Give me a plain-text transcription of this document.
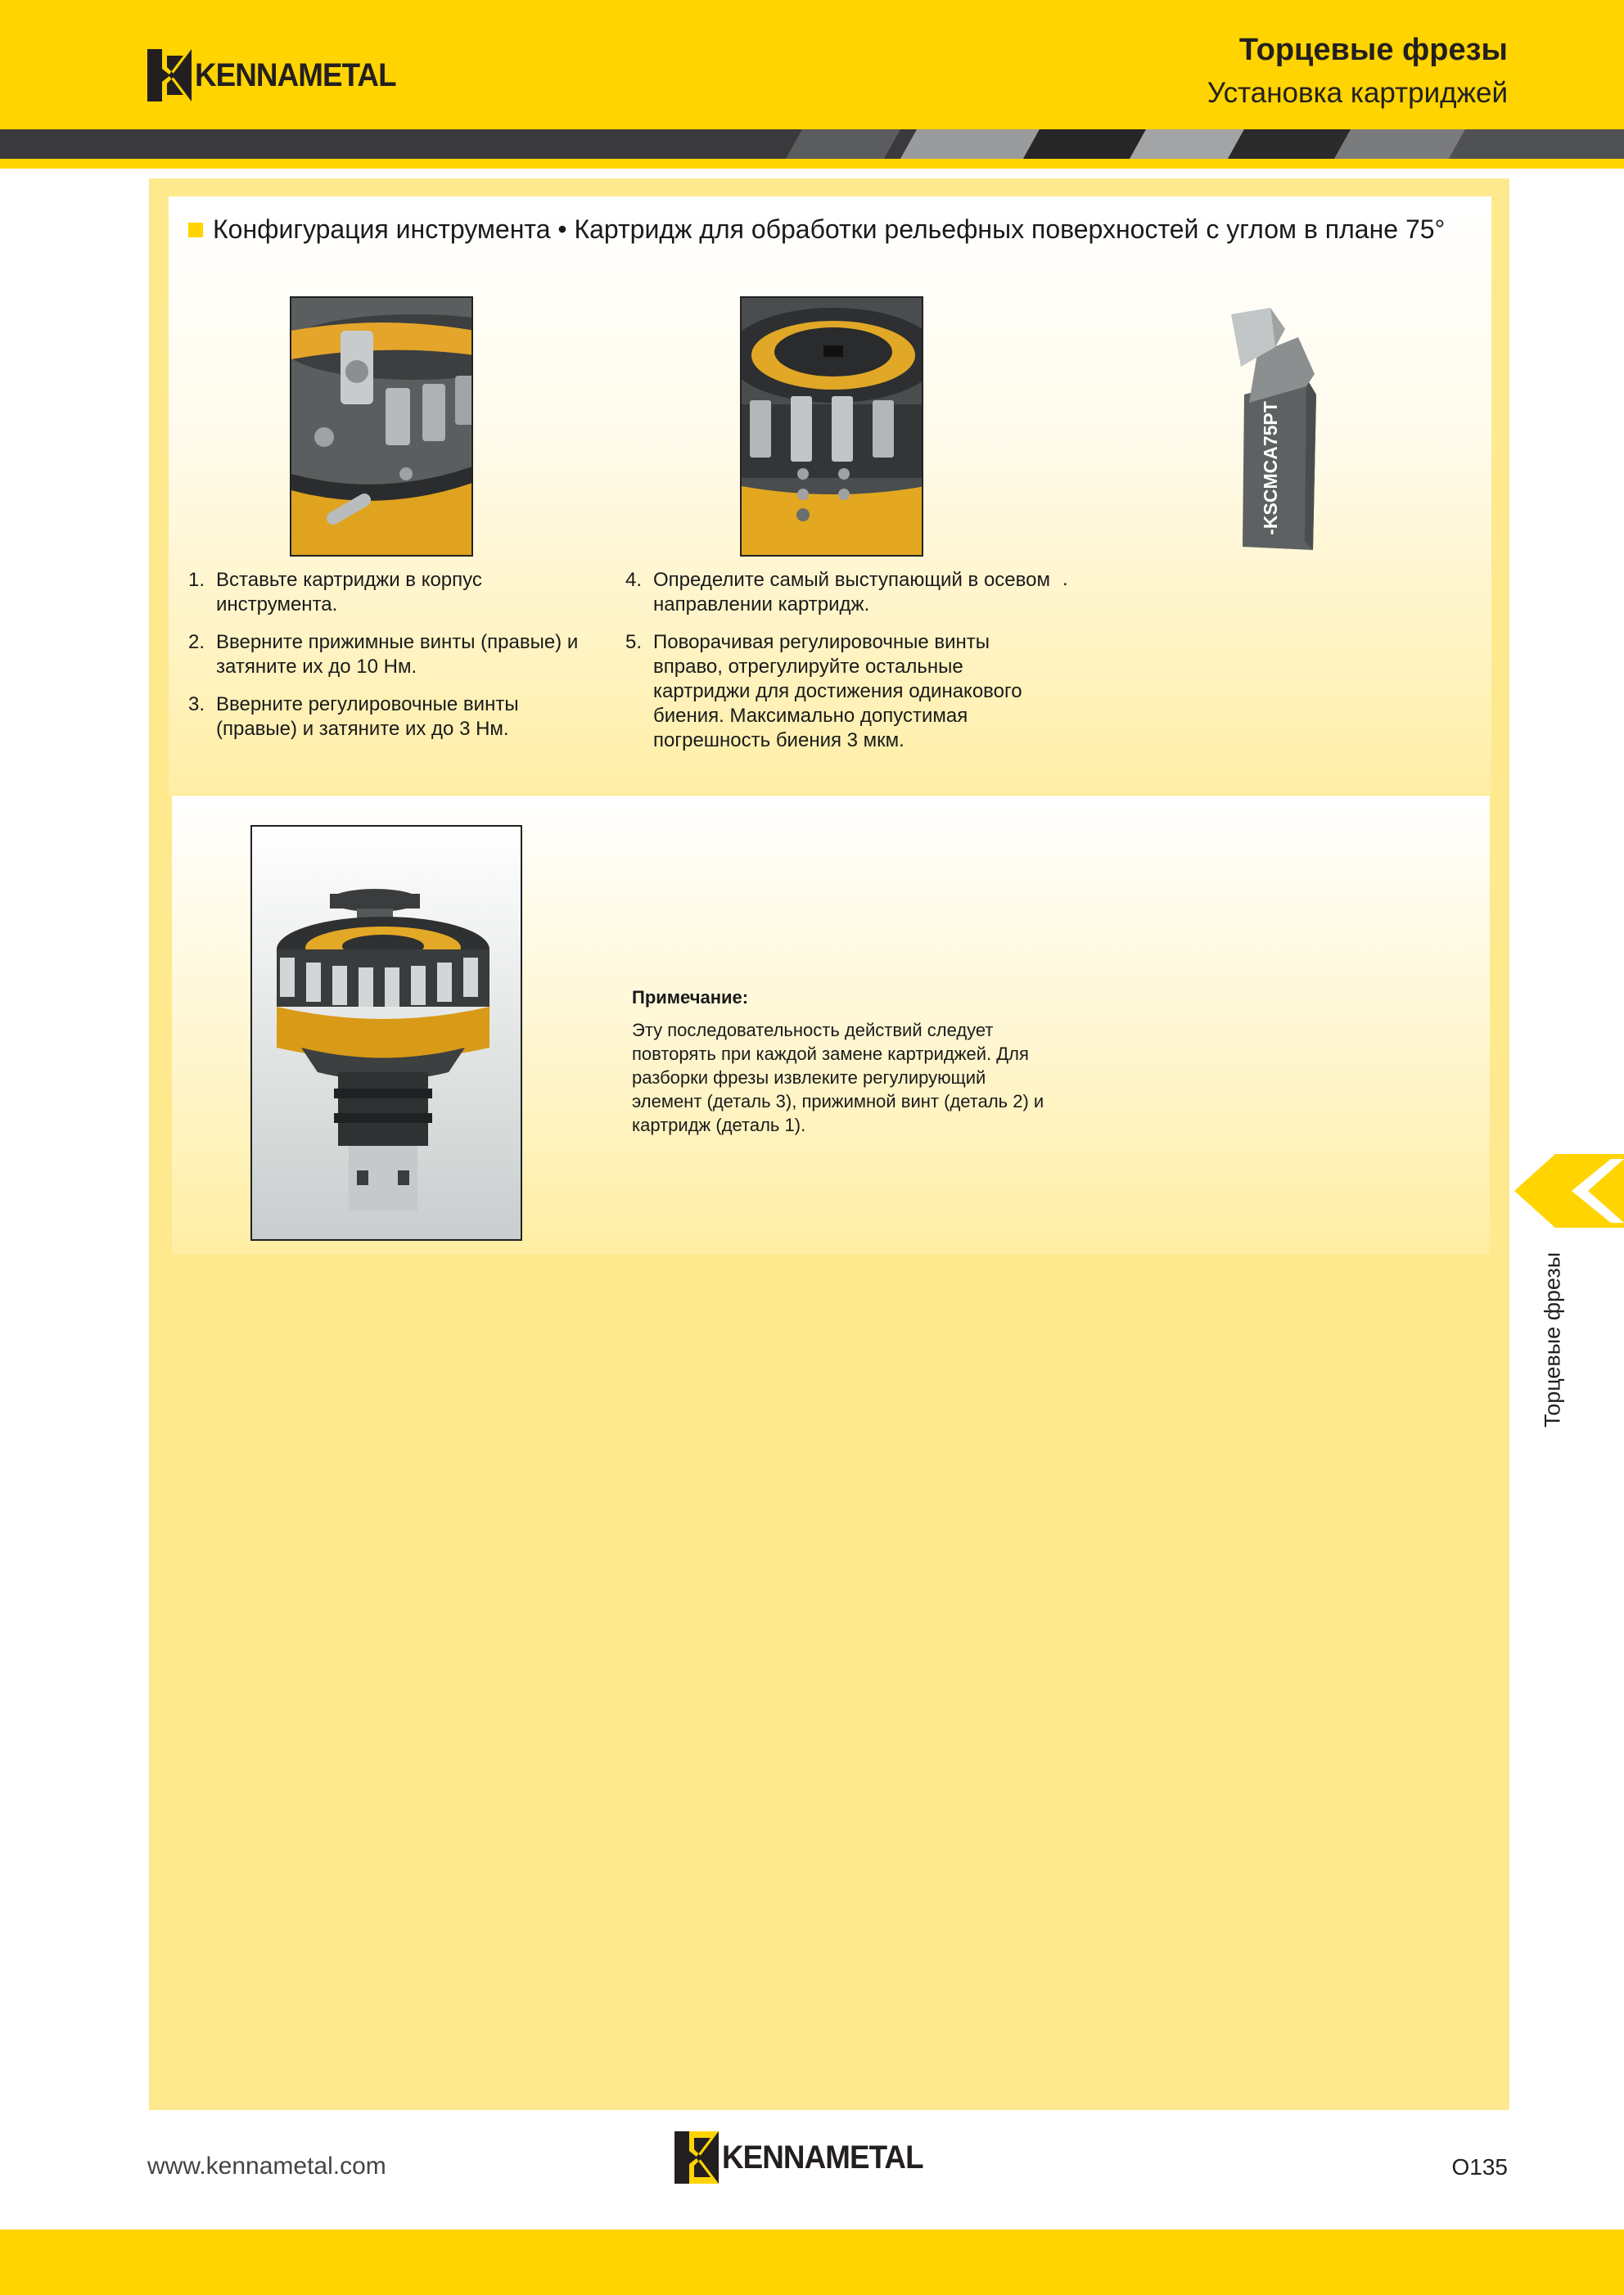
KENNAMETAL
Торцевые фрезы
Установка картриджей
Конфигурация инструмента • Картридж для обработки рельефных поверхностей с углом в плане 75°
-KSCMCA75PT
1. Вставьте картриджи в корпус инструмента.
2. Вверните прижимные винты (правые) и затяните их до 10 Нм.
3. Вверните регулировочные винты (правые) и затяните их до 3 Нм.
4. Определите самый выступающий в осевом направлении картридж.
5. Поворачивая регулировочные винты вправо, отрегулируйте остальные картриджи для достижения одинакового биения. Максимально допустимая погрешность биения 3 мкм.
.
Примечание:
Эту последовательность действий следует повторять при каждой замене картриджей. Для разборки фрезы извлеките регулирующий элемент (деталь 3), прижимной винт (деталь 2) и картридж (деталь 1).
Торцевые фрезы
www.kennametal.com	KENNAMETAL	O135
